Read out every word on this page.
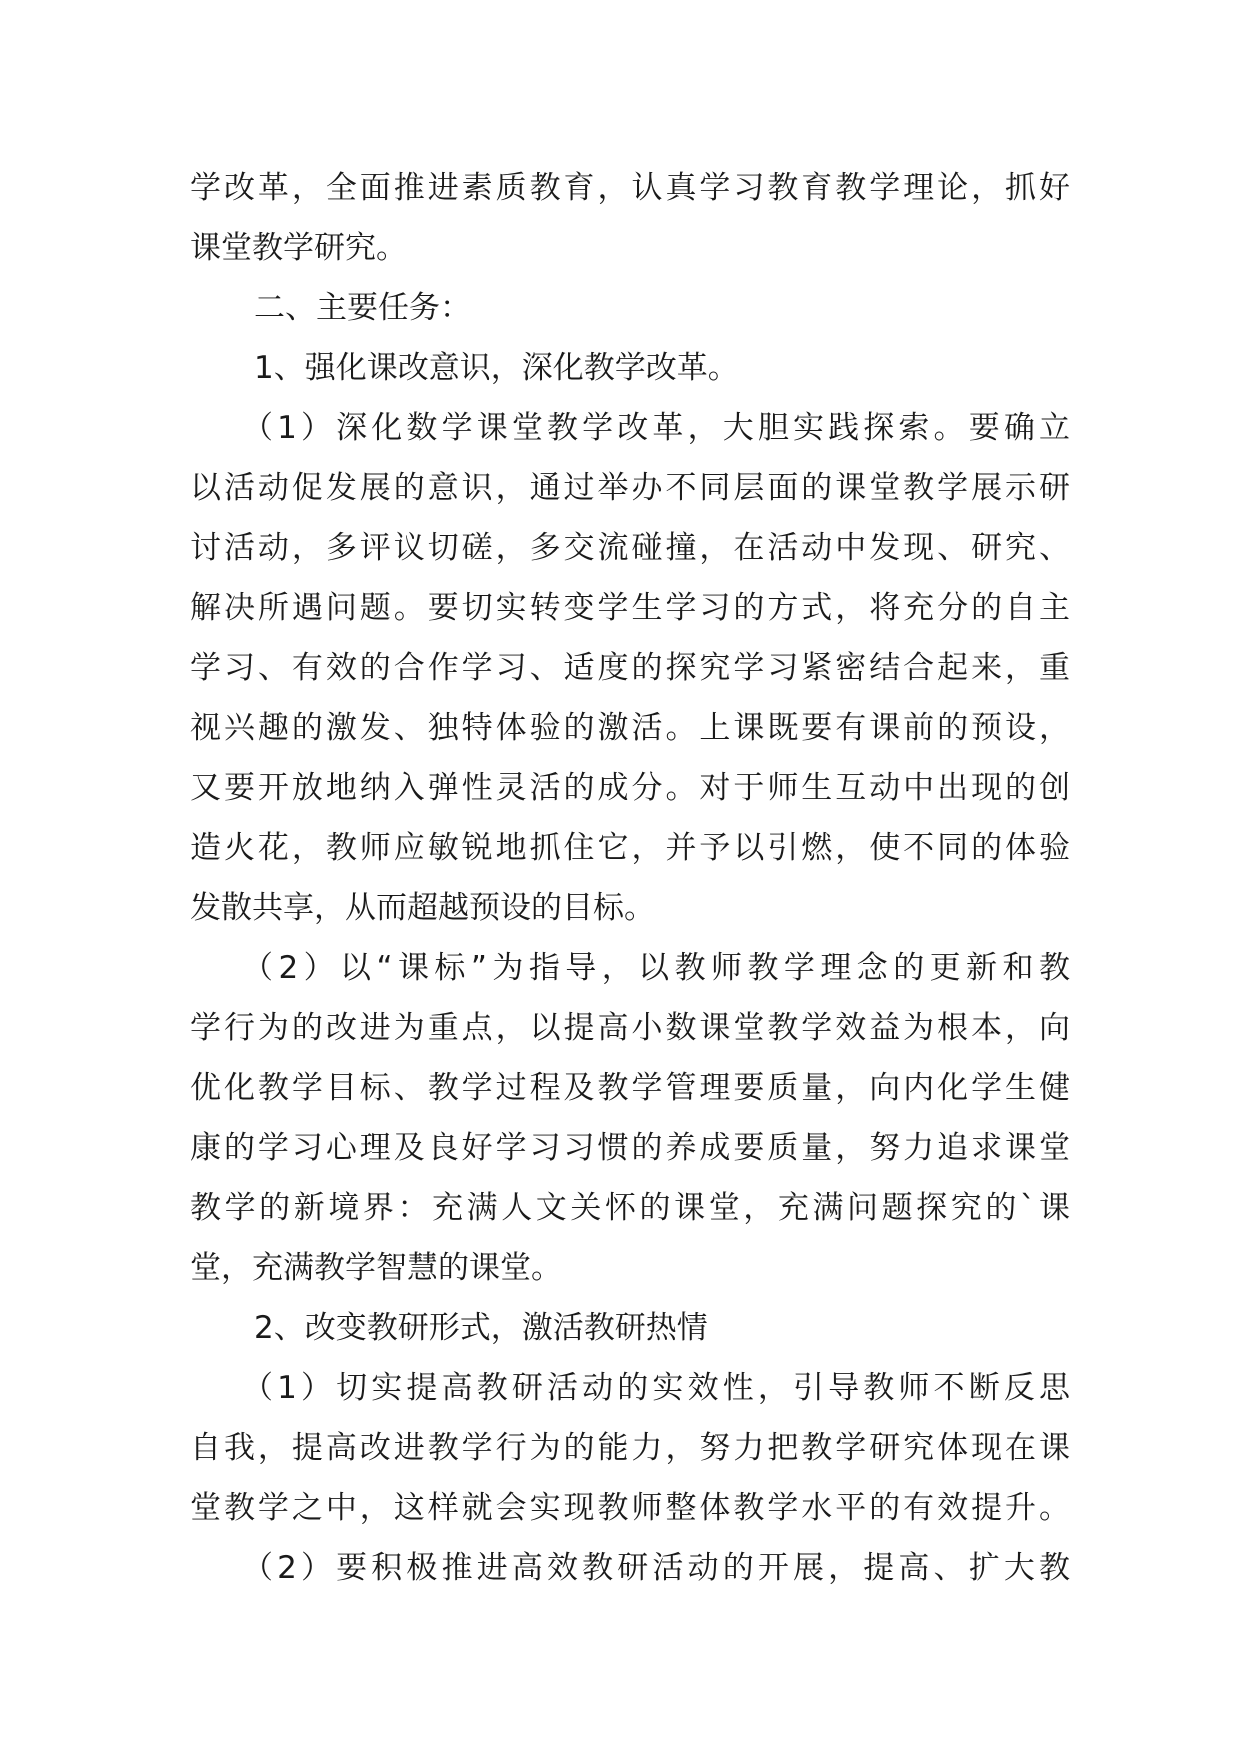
学改革，全面推进素质教育，认真学习教育教学理论，抓好
课堂教学研究。
二、主要任务：
1、强化课改意识，深化教学改革。
（1）深化数学课堂教学改革，大胆实践探索。要确立
以活动促发展的意识，通过举办不同层面的课堂教学展示研
讨活动，多评议切磋，多交流碰撞，在活动中发现、研究、
解决所遇问题。要切实转变学生学习的方式，将充分的自主
学习、有效的合作学习、适度的探究学习紧密结合起来，重
视兴趣的激发、独特体验的激活。上课既要有课前的预设，
又要开放地纳入弹性灵活的成分。对于师生互动中出现的创
造火花，教师应敏锐地抓住它，并予以引燃，使不同的体验
发散共享，从而超越预设的目标。
（2）以“课标”为指导，以教师教学理念的更新和教
学行为的改进为重点，以提高小数课堂教学效益为根本，向
优化教学目标、教学过程及教学管理要质量，向内化学生健
康的学习心理及良好学习习惯的养成要质量，努力追求课堂
教学的新境界：充满人文关怀的课堂，充满问题探究的`课
堂，充满教学智慧的课堂。
2、改变教研形式，激活教研热情
（1）切实提高教研活动的实效性，引导教师不断反思
自我，提高改进教学行为的能力，努力把教学研究体现在课
堂教学之中，这样就会实现教师整体教学水平的有效提升。
（2）要积极推进高效教研活动的开展，提高、扩大教
